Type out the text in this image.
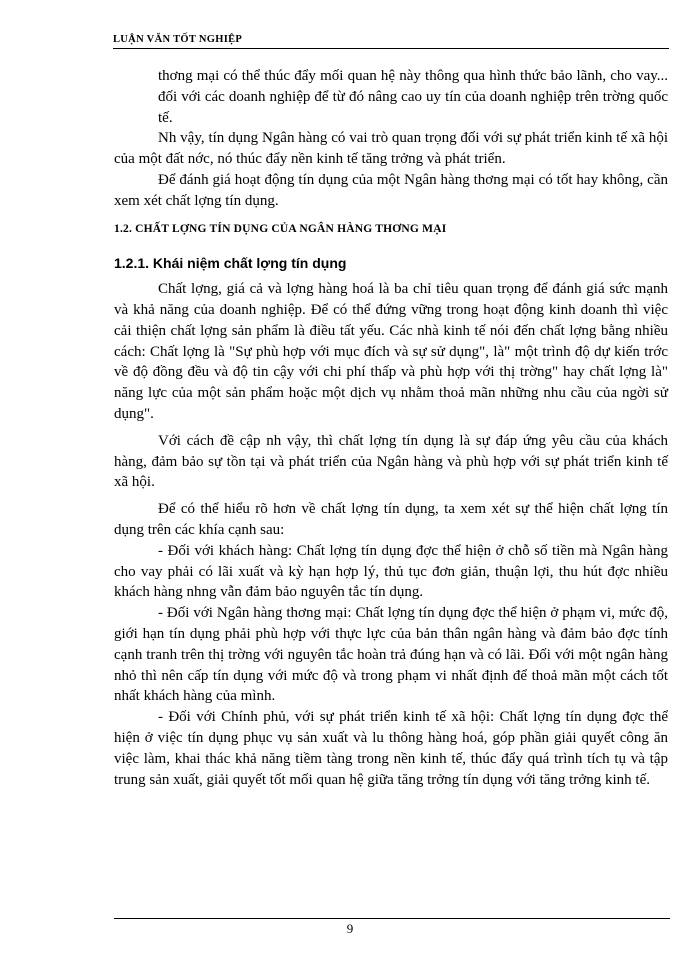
LUẬN VĂN TỐT NGHIỆP

thơng mại có thể thúc đẩy mối quan hệ này thông qua hình thức bảo lãnh, cho vay... đối với các doanh nghiệp để từ đó nâng cao uy tín của doanh nghiệp trên trờng quốc tế.

Nh vậy, tín dụng Ngân hàng có vai trò quan trọng đối với sự phát triển kinh tế xã hội của một đất nớc, nó thúc đẩy nền kinh tế tăng trởng và phát triển.

Để đánh giá hoạt động tín dụng của một Ngân hàng thơng mại có tốt hay không, cần xem xét chất lợng tín dụng.

1.2. CHẤT LỢNG TÍN DỤNG CỦA NGÂN HÀNG THƠNG MẠI
1.2.1. Khái niệm chất lợng tín dụng

Chất lợng, giá cả và lợng hàng hoá là ba chỉ tiêu quan trọng để đánh giá sức mạnh và khả năng của doanh nghiệp. Để có thể đứng vững trong hoạt động kinh doanh thì việc cải thiện chất lợng sản phẩm là điều tất yếu. Các nhà kinh tế nói đến chất lợng bằng nhiều cách: Chất lợng là "Sự phù hợp với mục đích và sự sử dụng", là" một trình độ dự kiến trớc về độ đồng đều và độ tin cậy với chi phí thấp và phù hợp với thị trờng" hay chất lợng là" năng lực của một sản phẩm hoặc một dịch vụ nhằm thoả mãn những nhu cầu của ngời sử dụng".

Với cách đề cập nh vậy, thì chất lợng tín dụng là sự đáp ứng yêu cầu của khách hàng, đảm bảo sự tồn tại và phát triển của Ngân hàng và phù hợp với sự phát triển kinh tế xã hội.

Để có thể hiểu rõ hơn về chất lợng tín dụng, ta xem xét sự thể hiện chất lợng tín dụng trên các khía cạnh sau:

- Đối với khách hàng: Chất lợng tín dụng đợc thể hiện ở chỗ số tiền mà Ngân hàng cho vay phải có lãi xuất và kỳ hạn hợp lý, thủ tục đơn giản, thuận lợi, thu hút đợc nhiều khách hàng nhng vẫn đảm bảo nguyên tắc tín dụng.

- Đối với Ngân hàng thơng mại: Chất lợng tín dụng đợc thể hiện ở phạm vi, mức độ, giới hạn tín dụng phải phù hợp với thực lực của bản thân ngân hàng và đảm bảo đợc tính cạnh tranh trên thị trờng với nguyên tắc hoàn trả đúng hạn và có lãi. Đối với một ngân hàng nhỏ thì nên cấp tín dụng với mức độ và trong phạm vi nhất định để thoả mãn một cách tốt nhất khách hàng của mình.

- Đối với Chính phủ, với sự phát triển kinh tế xã hội: Chất lợng tín dụng đợc thể hiện ở việc tín dụng phục vụ sản xuất và lu thông hàng hoá, góp phần giải quyết công ăn việc làm, khai thác khả năng tiềm tàng trong nền kinh tế, thúc đẩy quá trình tích tụ và tập trung sản xuất, giải quyết tốt mối quan hệ giữa tăng trởng tín dụng với tăng trởng kinh tế.

9
